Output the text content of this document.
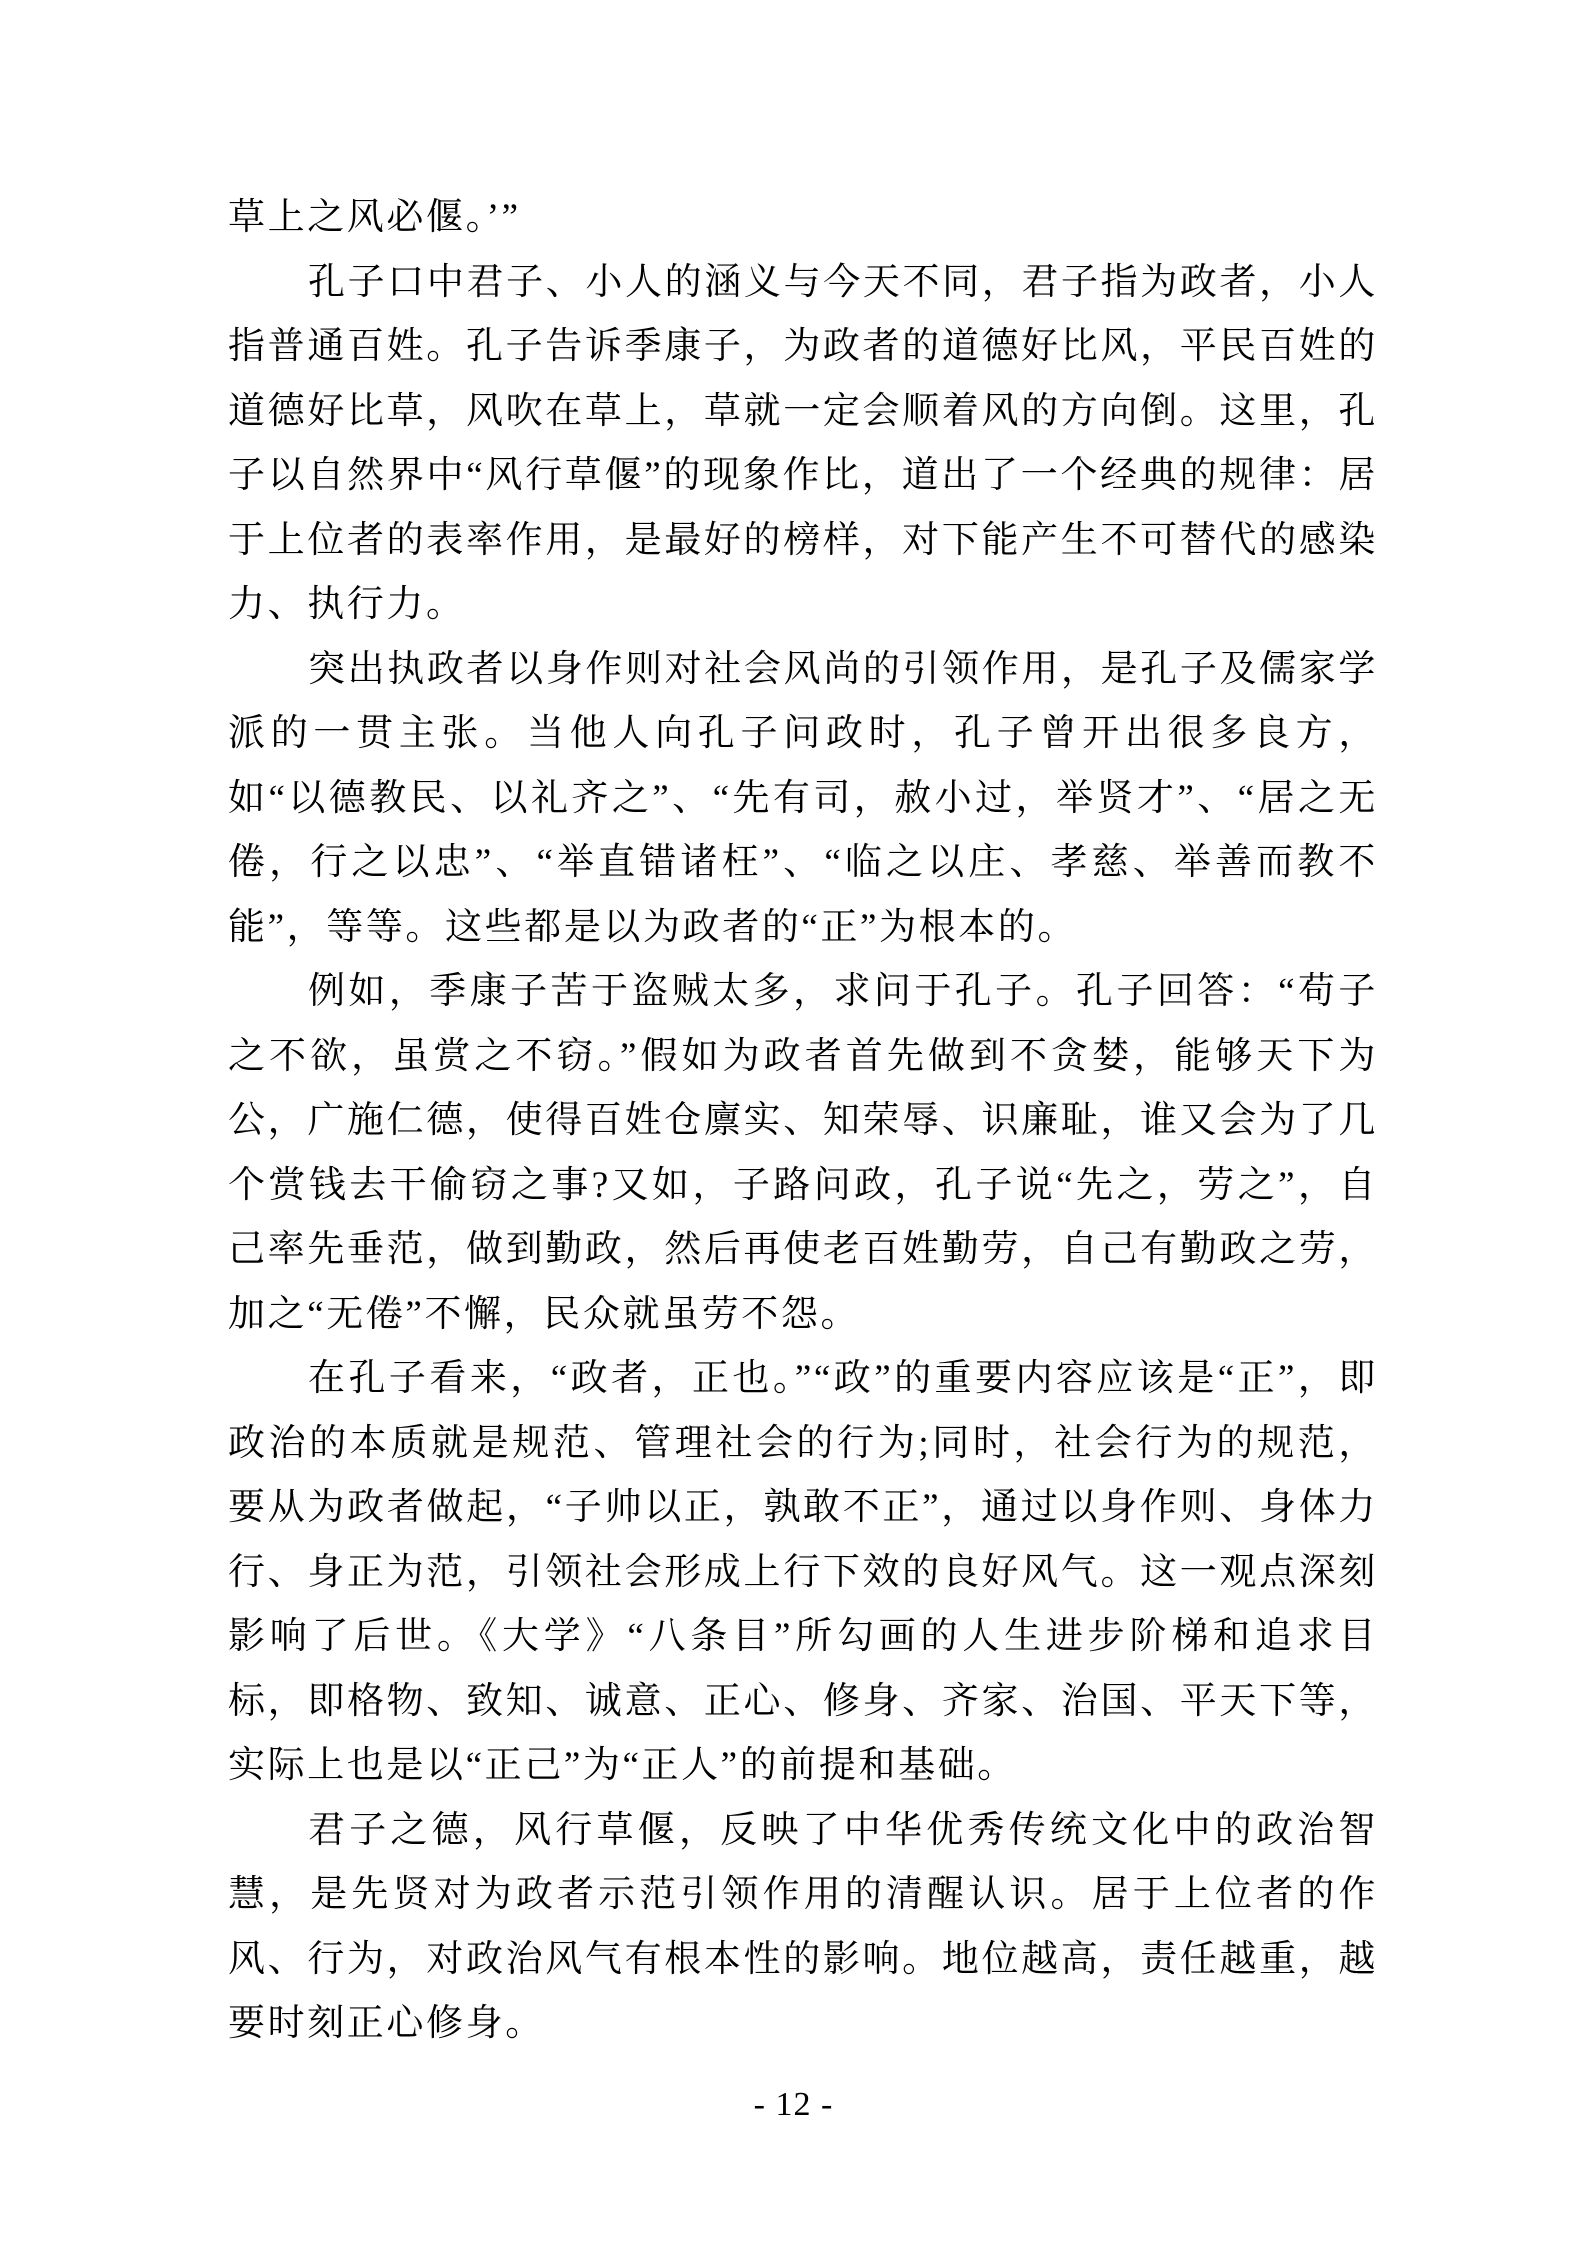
草上之风必偃。’”

孔子口中君子、小人的涵义与今天不同，君子指为政者，小人指普通百姓。孔子告诉季康子，为政者的道德好比风，平民百姓的道德好比草，风吹在草上，草就一定会顺着风的方向倒。这里，孔子以自然界中“风行草偃”的现象作比，道出了一个经典的规律：居于上位者的表率作用，是最好的榜样，对下能产生不可替代的感染力、执行力。

突出执政者以身作则对社会风尚的引领作用，是孔子及儒家学派的一贯主张。当他人向孔子问政时，孔子曾开出很多良方，如“以德教民、以礼齐之”、“先有司，赦小过，举贤才”、“居之无倦，行之以忠”、“举直错诸枉”、“临之以庄、孝慈、举善而教不能”，等等。这些都是以为政者的“正”为根本的。

例如，季康子苦于盗贼太多，求问于孔子。孔子回答：“苟子之不欲，虽赏之不窃。”假如为政者首先做到不贪婪，能够天下为公，广施仁德，使得百姓仓廪实、知荣辱、识廉耻，谁又会为了几个赏钱去干偷窃之事?又如，子路问政，孔子说“先之，劳之”，自己率先垂范，做到勤政，然后再使老百姓勤劳，自己有勤政之劳，加之“无倦”不懈，民众就虽劳不怨。

在孔子看来，“政者，正也。”“政”的重要内容应该是“正”，即政治的本质就是规范、管理社会的行为;同时，社会行为的规范，要从为政者做起，“子帅以正，孰敢不正”，通过以身作则、身体力行、身正为范，引领社会形成上行下效的良好风气。这一观点深刻影响了后世。《大学》“八条目”所勾画的人生进步阶梯和追求目标，即格物、致知、诚意、正心、修身、齐家、治国、平天下等，实际上也是以“正己”为“正人”的前提和基础。

君子之德，风行草偃，反映了中华优秀传统文化中的政治智慧，是先贤对为政者示范引领作用的清醒认识。居于上位者的作风、行为，对政治风气有根本性的影响。地位越高，责任越重，越要时刻正心修身。

- 12 -
